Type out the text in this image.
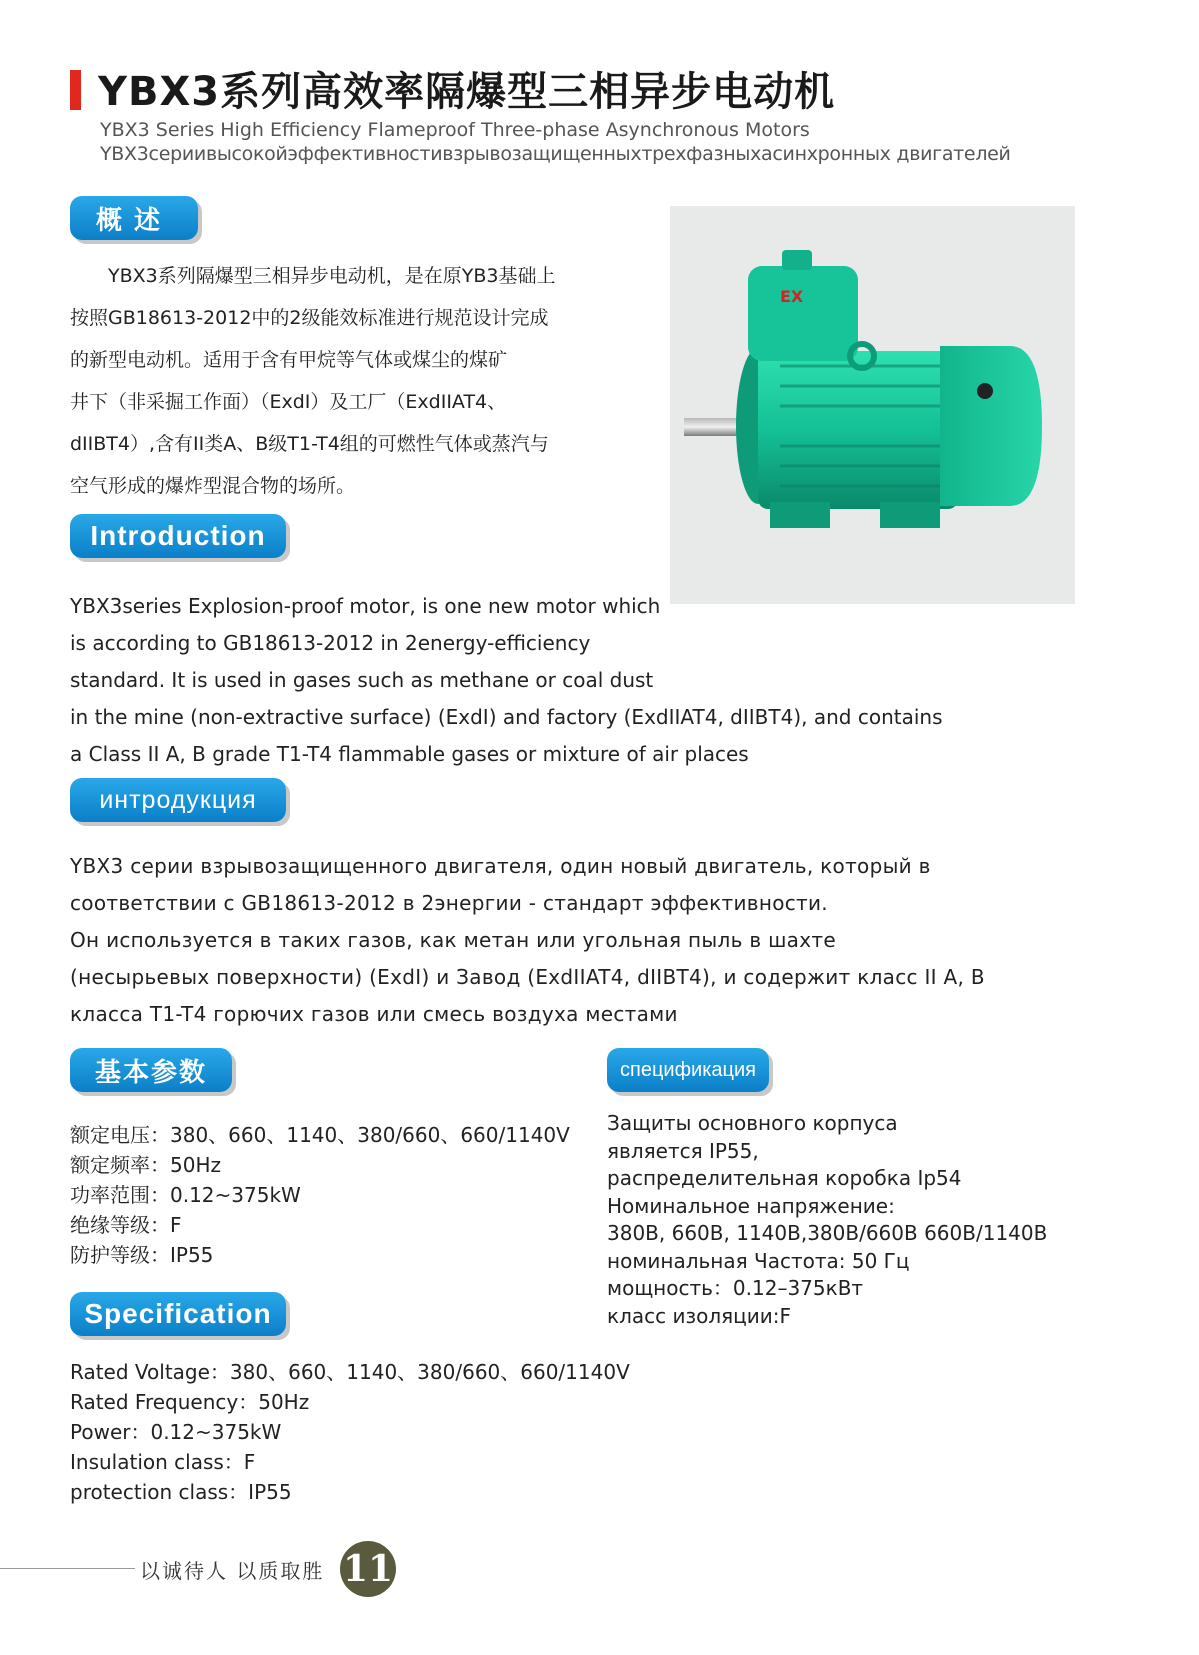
YBX3系列高效率隔爆型三相异步电动机
YBX3 Series High Efficiency Flameproof Three-phase Asynchronous Motors
YBX3сериивысокойэффективностивзрывозащищенныхтрехфазныхасинхронных двигателей
概述

　　YBX3系列隔爆型三相异步电动机，是在原YB3基础上

按照GB18613-2012中的2级能效标准进行规范设计完成

的新型电动机。适用于含有甲烷等气体或煤尘的煤矿

井下（非采掘工作面）（ExdI）及工厂（ExdIIAT4、

dIIBT4）,含有II类A、B级T1-T4组的可燃性气体或蒸汽与

空气形成的爆炸型混合物的场所。

EX
Introduction

YBX3series Explosion-proof motor, is one new motor which

is according to GB18613-2012 in 2energy-efficiency

standard. It is used in gases such as methane or coal dust

in the mine (non-extractive surface) (ExdI) and factory (ExdIIAT4, dIIBT4), and contains

a Class II A, B grade T1-T4 flammable gases or mixture of air places

интродукция

YBX3 серии взрывозащищенного двигателя, один новый двигатель, который в

соответствии с GB18613-2012 в 2энергии - стандарт эффективности.

Он используется в таких газов, как метан или угольная пыль в шахте

(несырьевых поверхности) (ExdI) и Завод (ExdIIAT4, dIIBT4), и содержит класс II A, B

класса T1-T4 горючих газов или смесь воздуха местами

基本参数

额定电压：380、660、1140、380/660、660/1140V

额定频率：50Hz

功率范围：0.12~375kW

绝缘等级：F

防护等级：IP55

спецификация

Защиты основного корпуса

является IP55,

распределительная коробка Ip54

Номинальное напряжение:

380В, 660В, 1140В,380В/660В 660В/1140В

номинальная Частота: 50 Гц

мощность：0.12–375кВт

класс изоляции:F

Specification

Rated Voltage：380、660、1140、380/660、660/1140V

Rated Frequency：50Hz

Power：0.12~375kW

Insulation class：F

protection class：IP55

以诚待人 以质取胜 11
